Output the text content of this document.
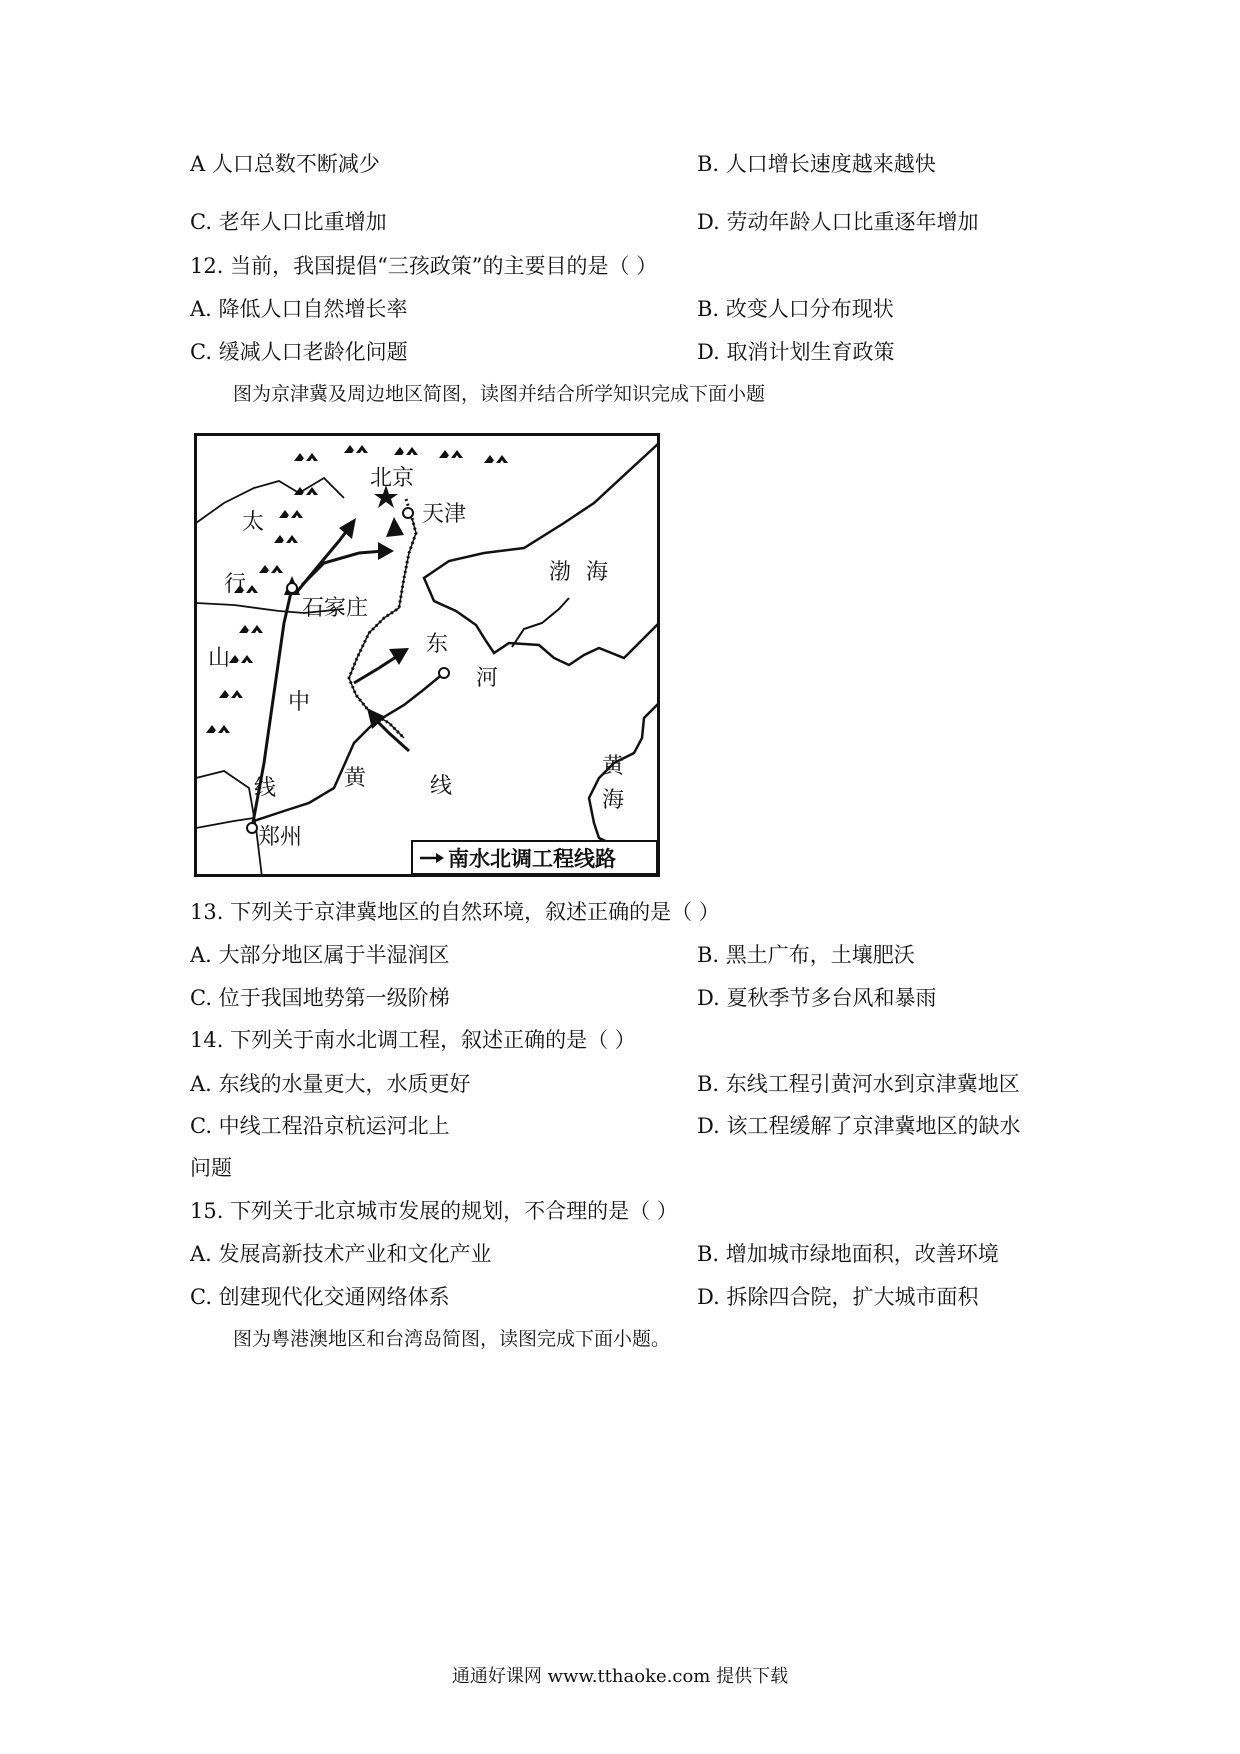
A 人口总数不断减少	B. 人口增长速度越来越快
C. 老年人口比重增加	D. 劳动年龄人口比重逐年增加
12. 当前，我国提倡“三孩政策”的主要目的是（ ）
A. 降低人口自然增长率	B. 改变人口分布现状
C. 缓减人口老龄化问题	D. 取消计划生育政策
图为京津冀及周边地区简图，读图并结合所学知识完成下面小题
北京
天津
石家庄
郑州
渤 海
黄
海
太
行
山
中
线
东
线
黄
河
南水北调工程线路
13. 下列关于京津冀地区的自然环境，叙述正确的是（ ）
A. 大部分地区属于半湿润区	B. 黑土广布，土壤肥沃
C. 位于我国地势第一级阶梯	D. 夏秋季节多台风和暴雨
14. 下列关于南水北调工程，叙述正确的是（ ）
A. 东线的水量更大，水质更好	B. 东线工程引黄河水到京津冀地区
C. 中线工程沿京杭运河北上	D. 该工程缓解了京津冀地区的缺水
问题
15. 下列关于北京城市发展的规划，不合理的是（ ）
A. 发展高新技术产业和文化产业	B. 增加城市绿地面积，改善环境
C. 创建现代化交通网络体系	D. 拆除四合院，扩大城市面积
图为粤港澳地区和台湾岛简图，读图完成下面小题。
通通好课网 www.tthaoke.com 提供下载
